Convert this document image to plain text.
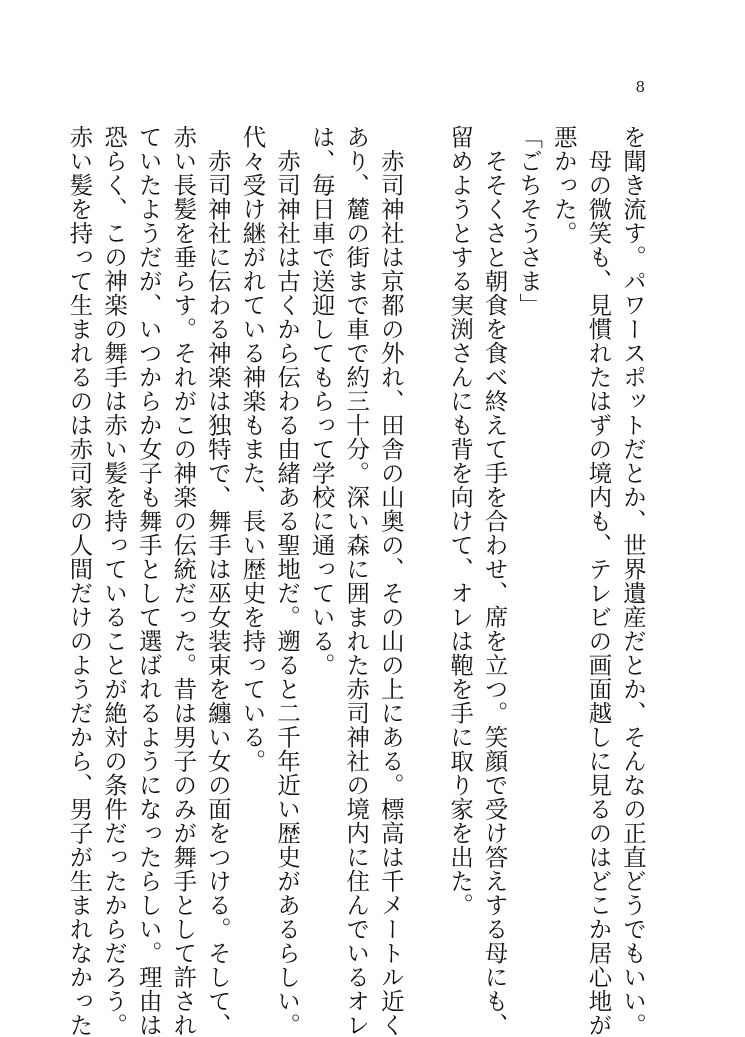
8

を聞き流す。パワースポットだとか、世界遺産だとか、そんなの正直どうでもいい。

　母の微笑も、見慣れたはずの境内も、テレビの画面越しに見るのはどこか居心地が

悪かった。

「ごちそうさま」

　そそくさと朝食を食べ終えて手を合わせ、席を立つ。笑顔で受け答えする母にも、

留めようとする実渕さんにも背を向けて、オレは鞄を手に取り家を出た。

　赤司神社は京都の外れ、田舎の山奥の、その山の上にある。標高は千メートル近く

あり、麓の街まで車で約三十分。深い森に囲まれた赤司神社の境内に住んでいるオレ

は、毎日車で送迎してもらって学校に通っている。

　赤司神社は古くから伝わる由緒ある聖地だ。遡ると二千年近い歴史があるらしい。

代々受け継がれている神楽もまた、長い歴史を持っている。

　赤司神社に伝わる神楽は独特で、舞手は巫女装束を纏い女の面をつける。そして、

赤い長髪を垂らす。それがこの神楽の伝統だった。昔は男子のみが舞手として許され

ていたようだが、いつからか女子も舞手として選ばれるようになったらしい。理由は

恐らく、この神楽の舞手は赤い髪を持っていることが絶対の条件だったからだろう。

赤い髪を持って生まれるのは赤司家の人間だけのようだから、男子が生まれなかった
